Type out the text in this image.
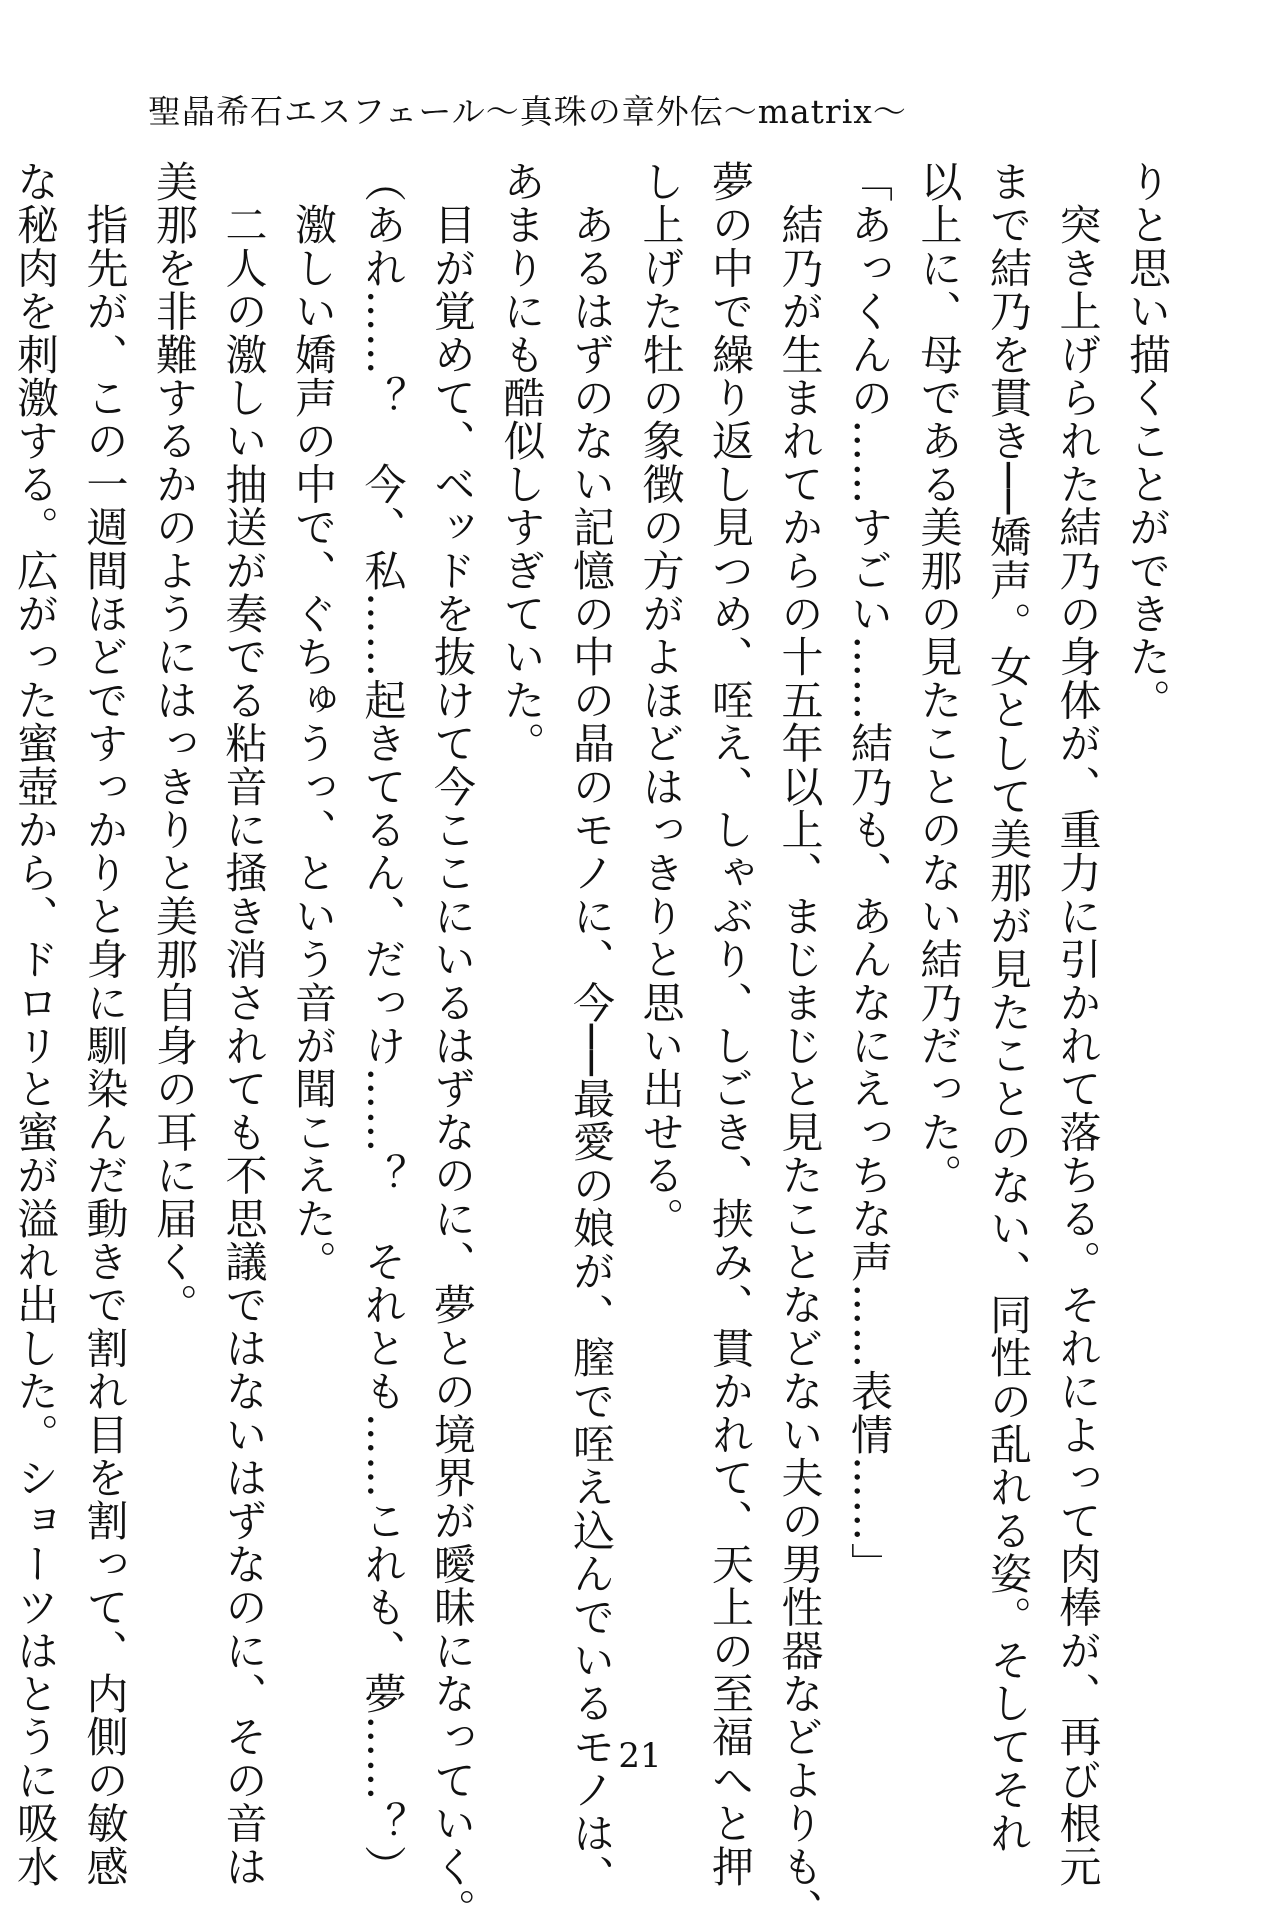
聖晶希石エスフェール〜真珠の章外伝〜matrix〜

りと思い描くことができた。

　突き上げられた結乃の身体が、重力に引かれて落ちる。それによって肉棒が、再び根元

まで結乃を貫き──嬌声。女として美那が見たことのない、同性の乱れる姿。そしてそれ

以上に、母である美那の見たことのない結乃だった。

「あっくんの……すごい……結乃も、あんなにえっちな声……表情……」

　結乃が生まれてからの十五年以上、まじまじと見たことなどない夫の男性器などよりも、

夢の中で繰り返し見つめ、咥え、しゃぶり、しごき、挟み、貫かれて、天上の至福へと押

し上げた牡の象徴の方がよほどはっきりと思い出せる。

　あるはずのない記憶の中の晶のモノに、今──最愛の娘が、膣で咥え込んでいるモノは、

あまりにも酷似しすぎていた。

　目が覚めて、ベッドを抜けて今ここにいるはずなのに、夢との境界が曖昧になっていく。

（あれ……？　今、私……起きてるん、だっけ……？　それとも……これも、夢……？）

　激しい嬌声の中で、ぐちゅうっ、という音が聞こえた。

　二人の激しい抽送が奏でる粘音に掻き消されても不思議ではないはずなのに、その音は

美那を非難するかのようにはっきりと美那自身の耳に届く。

　指先が、この一週間ほどですっかりと身に馴染んだ動きで割れ目を割って、内側の敏感

な秘肉を刺激する。広がった蜜壺から、ドロリと蜜が溢れ出した。ショーツはとうに吸水	21
